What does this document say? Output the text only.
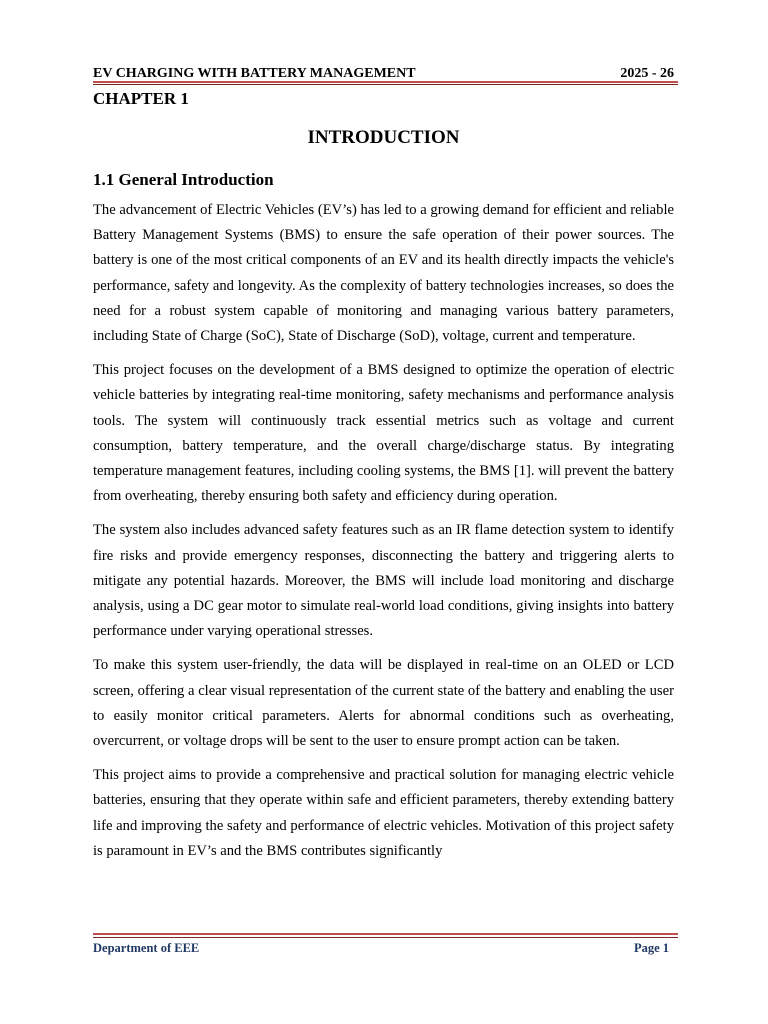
EV CHARGING WITH BATTERY MANAGEMENT	2025 - 26
CHAPTER 1
INTRODUCTION
1.1 General Introduction

The advancement of Electric Vehicles (EV’s) has led to a growing demand for efficient and reliable Battery Management Systems (BMS) to ensure the safe operation of their power sources. The battery is one of the most critical components of an EV and its health directly impacts the vehicle's performance, safety and longevity. As the complexity of battery technologies increases, so does the need for a robust system capable of monitoring and managing various battery parameters, including State of Charge (SoC), State of Discharge (SoD), voltage, current and temperature.

This project focuses on the development of a BMS designed to optimize the operation of electric vehicle batteries by integrating real-time monitoring, safety mechanisms and performance analysis tools. The system will continuously track essential metrics such as voltage and current consumption, battery temperature, and the overall charge/discharge status. By integrating temperature management features, including cooling systems, the BMS [1]. will prevent the battery from overheating, thereby ensuring both safety and efficiency during operation.

The system also includes advanced safety features such as an IR flame detection system to identify fire risks and provide emergency responses, disconnecting the battery and triggering alerts to mitigate any potential hazards. Moreover, the BMS will include load monitoring and discharge analysis, using a DC gear motor to simulate real-world load conditions, giving insights into battery performance under varying operational stresses.

To make this system user-friendly, the data will be displayed in real-time on an OLED or LCD screen, offering a clear visual representation of the current state of the battery and enabling the user to easily monitor critical parameters. Alerts for abnormal conditions such as overheating, overcurrent, or voltage drops will be sent to the user to ensure prompt action can be taken.

This project aims to provide a comprehensive and practical solution for managing electric vehicle batteries, ensuring that they operate within safe and efficient parameters, thereby extending battery life and improving the safety and performance of electric vehicles. Motivation of this project safety is paramount in EV’s and the BMS contributes significantly

Department of EEE	Page 1
